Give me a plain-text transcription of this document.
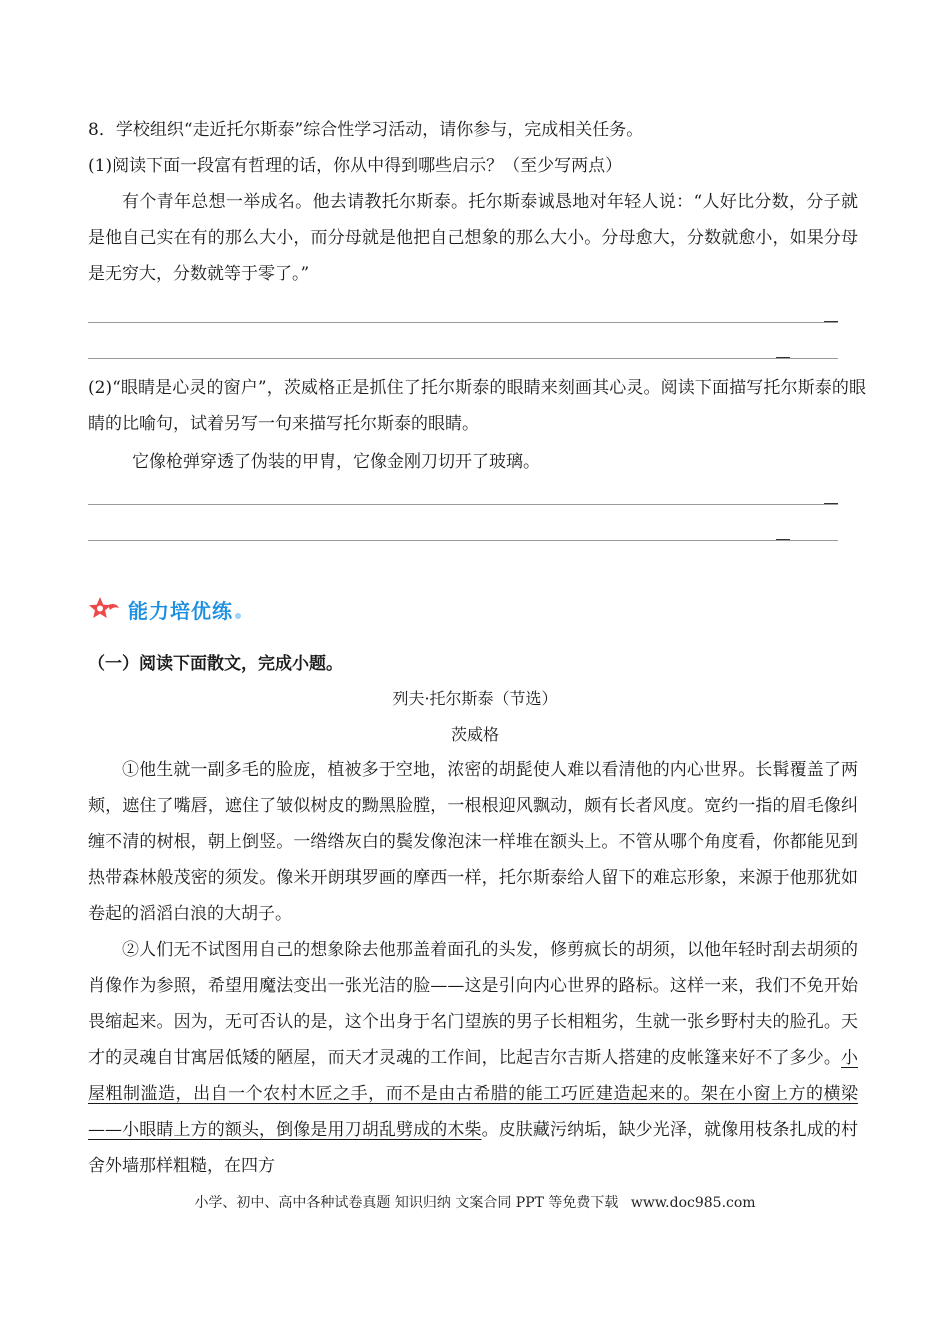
8．学校组织“走近托尔斯泰”综合性学习活动，请你参与，完成相关任务。
(1)阅读下面一段富有哲理的话，你从中得到哪些启示？（至少写两点）

有个青年总想一举成名。他去请教托尔斯泰。托尔斯泰诚恳地对年轻人说：“人好比分数，分子就是他自己实在有的那么大小，而分母就是他把自己想象的那么大小。分母愈大，分数就愈小，如果分母是无穷大，分数就等于零了。”

(2)“眼睛是心灵的窗户”，茨威格正是抓住了托尔斯泰的眼睛来刻画其心灵。阅读下面描写托尔斯泰的眼睛的比喻句，试着另写一句来描写托尔斯泰的眼睛。

它像枪弹穿透了伪装的甲胄，它像金刚刀切开了玻璃。
能力培优练
（一）阅读下面散文，完成小题。
列夫·托尔斯泰（节选）
茨威格

①他生就一副多毛的脸庞，植被多于空地，浓密的胡髭使人难以看清他的内心世界。长髯覆盖了两颊，遮住了嘴唇，遮住了皱似树皮的黝黑脸膛，一根根迎风飘动，颇有长者风度。宽约一指的眉毛像纠缠不清的树根，朝上倒竖。一绺绺灰白的鬓发像泡沫一样堆在额头上。不管从哪个角度看，你都能见到热带森林般茂密的须发。像米开朗琪罗画的摩西一样，托尔斯泰给人留下的难忘形象，来源于他那犹如卷起的滔滔白浪的大胡子。

②人们无不试图用自己的想象除去他那盖着面孔的头发，修剪疯长的胡须，以他年轻时刮去胡须的肖像作为参照，希望用魔法变出一张光洁的脸——这是引向内心世界的路标。这样一来，我们不免开始畏缩起来。因为，无可否认的是，这个出身于名门望族的男子长相粗劣，生就一张乡野村夫的脸孔。天才的灵魂自甘寓居低矮的陋屋，而天才灵魂的工作间，比起吉尔吉斯人搭建的皮帐篷来好不了多少。小屋粗制滥造，出自一个农村木匠之手，而不是由古希腊的能工巧匠建造起来的。架在小窗上方的横梁——小眼睛上方的额头，倒像是用刀胡乱劈成的木柴。皮肤藏污纳垢，缺少光泽，就像用枝条扎成的村舍外墙那样粗糙，在四方

小学、初中、高中各种试卷真题 知识归纳 文案合同 PPT 等免费下载 www.doc985.com
